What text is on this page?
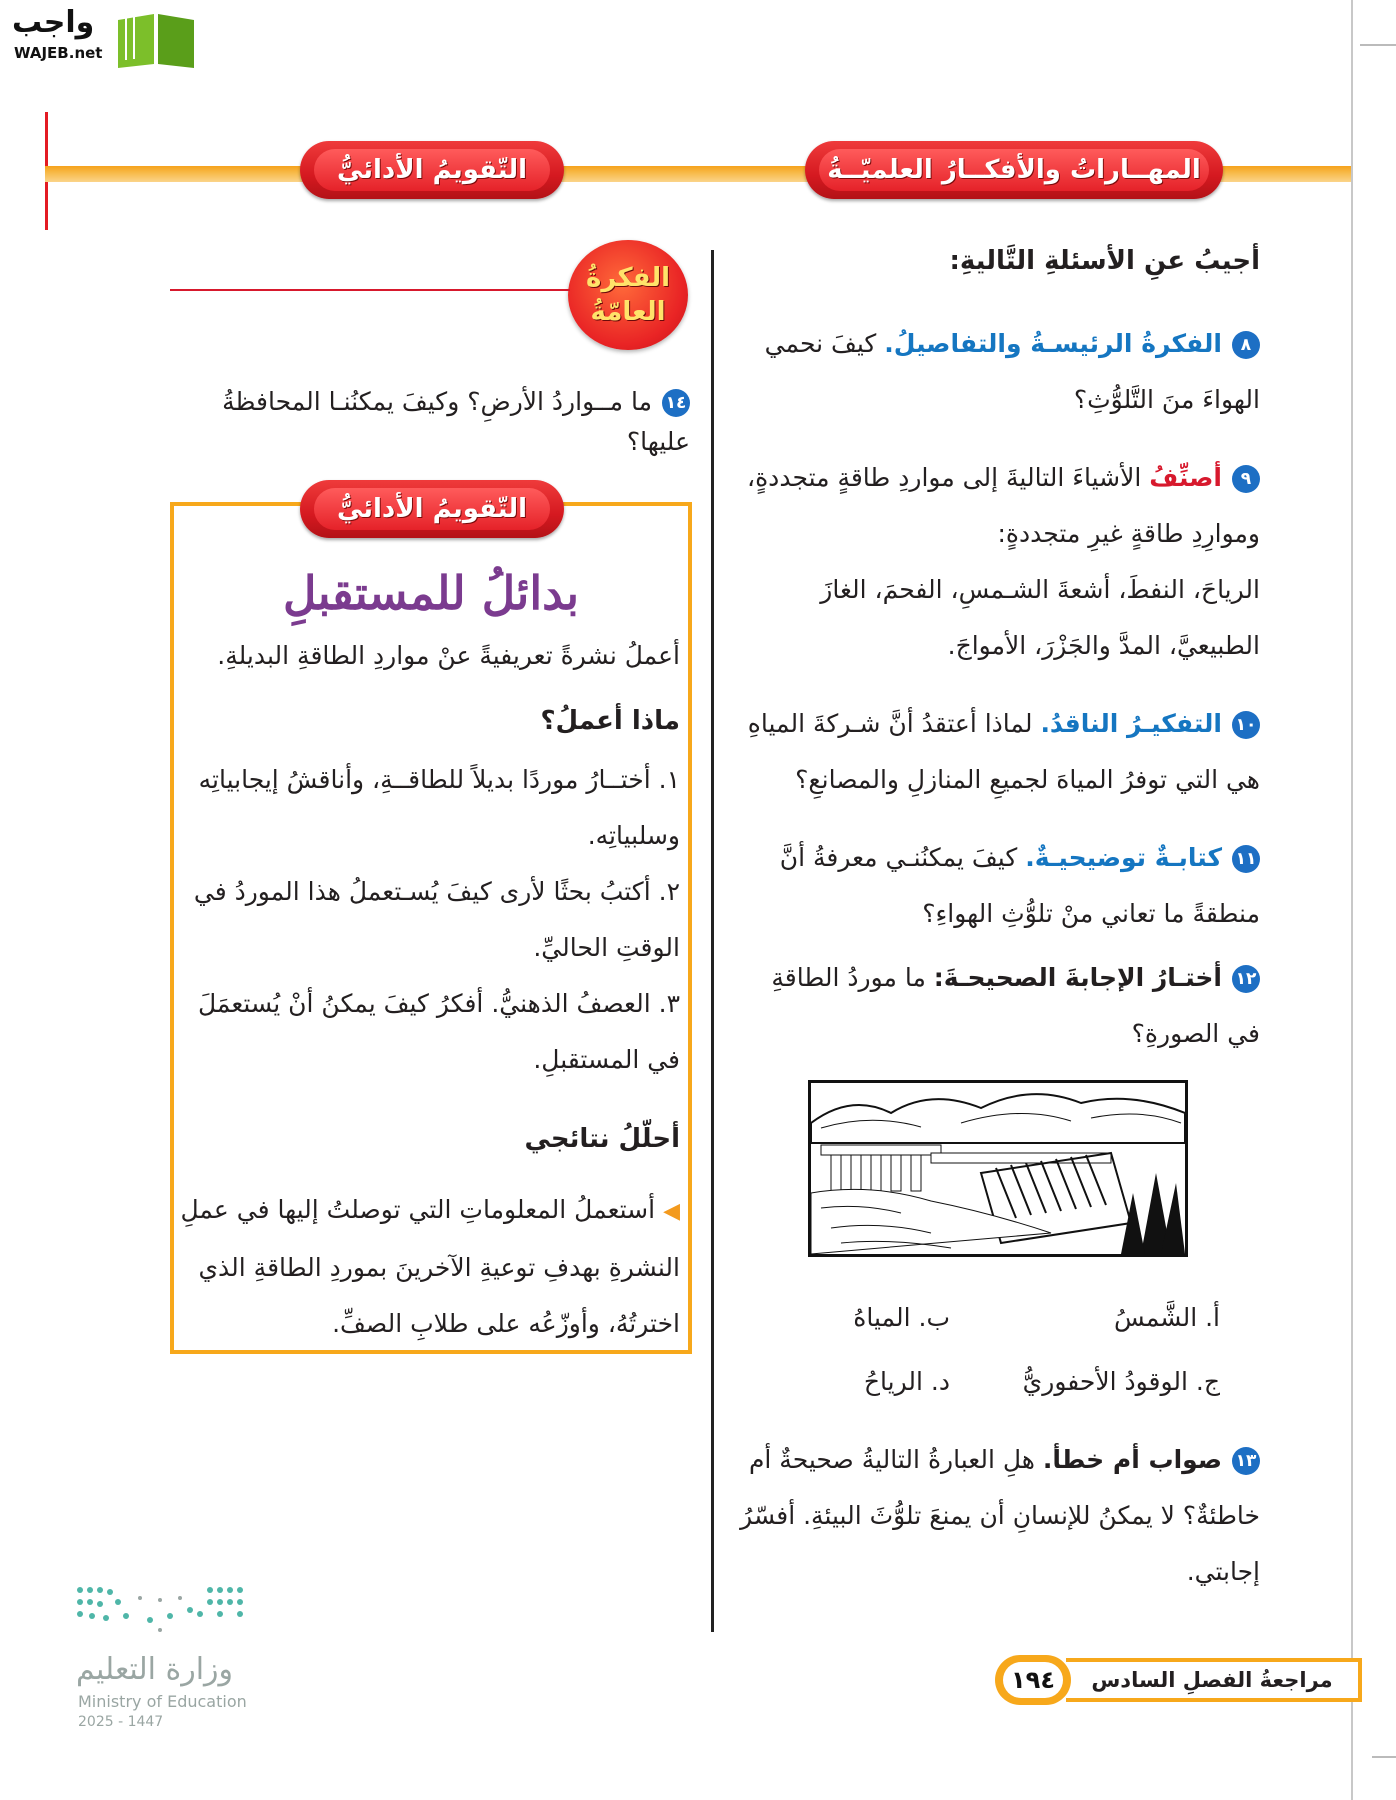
واجب
WAJEB.net
المهــاراتُ والأفكــارُ العلميّــةُ
التّقويمُ الأدائيُّ
أجيبُ عنِ الأسئلةِ التَّاليةِ:
٨الفكرةُ الرئيسـةُ والتفاصيلُ. كيفَ نحمي الهواءَ منَ التَّلوُّثِ؟
٩أصنِّفُ الأشياءَ التاليةَ إلى مواردِ طاقةٍ متجددةٍ، وموارِدِ طاقةٍ غيرِ متجددةٍ:
الرياحَ، النفطَ، أشعةَ الشـمسِ، الفحمَ، الغازَ الطبيعيَّ، المدَّ والجَزْرَ، الأمواجَ.
١٠التفكيـرُ الناقدُ. لماذا أعتقدُ أنَّ شـركةَ المياهِ هي التي توفرُ المياهَ لجميعِ المنازلِ والمصانعِ؟
١١كتابـةٌ توضيحيـةٌ. كيفَ يمكنُنـي معرفةُ أنَّ منطقةً ما تعاني منْ تلوُّثِ الهواءِ؟
١٢أختـارُ الإجابةَ الصحيحـةَ: ما موردُ الطاقةِ في الصورةِ؟
أ. الشَّمسُ
ب. المياهُ
ج. الوقودُ الأحفوريُّ
د. الرياحُ
١٣صواب أم خطأ. هلِ العبارةُ التاليةُ صحيحةٌ أم خاطئةٌ؟ لا يمكنُ للإنسانِ أن يمنعَ تلوُّثَ البيئةِ. أفسّرُ إجابتي.
الفكرةُ
العامّةُ
١٤ما مــواردُ الأرضِ؟ وكيفَ يمكنُنـا المحافظةُ عليها؟
التّقويمُ الأدائيُّ
بدائلُ للمستقبلِ
أعملُ نشرةً تعريفيةً عنْ مواردِ الطاقةِ البديلةِ.
ماذا أعملُ؟
١. أختــارُ موردًا بديلاً للطاقــةِ، وأناقشُ إيجابياتِه وسلبياتِه.
٢. أكتبُ بحثًا لأرى كيفَ يُسـتعملُ هذا الموردُ في الوقتِ الحاليِّ.
٣. العصفُ الذهنيُّ. أفكرُ كيفَ يمكنُ أنْ يُستعمَلَ في المستقبلِ.
أحلّلُ نتائجي
◀أستعملُ المعلوماتِ التي توصلتُ إليها في عملِ النشرةِ بهدفِ توعيةِ الآخرينَ بموردِ الطاقةِ الذي اخترتُهُ، وأوزّعُه على طلابِ الصفِّ.
وزارة التعليم
Ministry of Education
2025 - 1447
مراجعةُ الفصلِ السادس
١٩٤
